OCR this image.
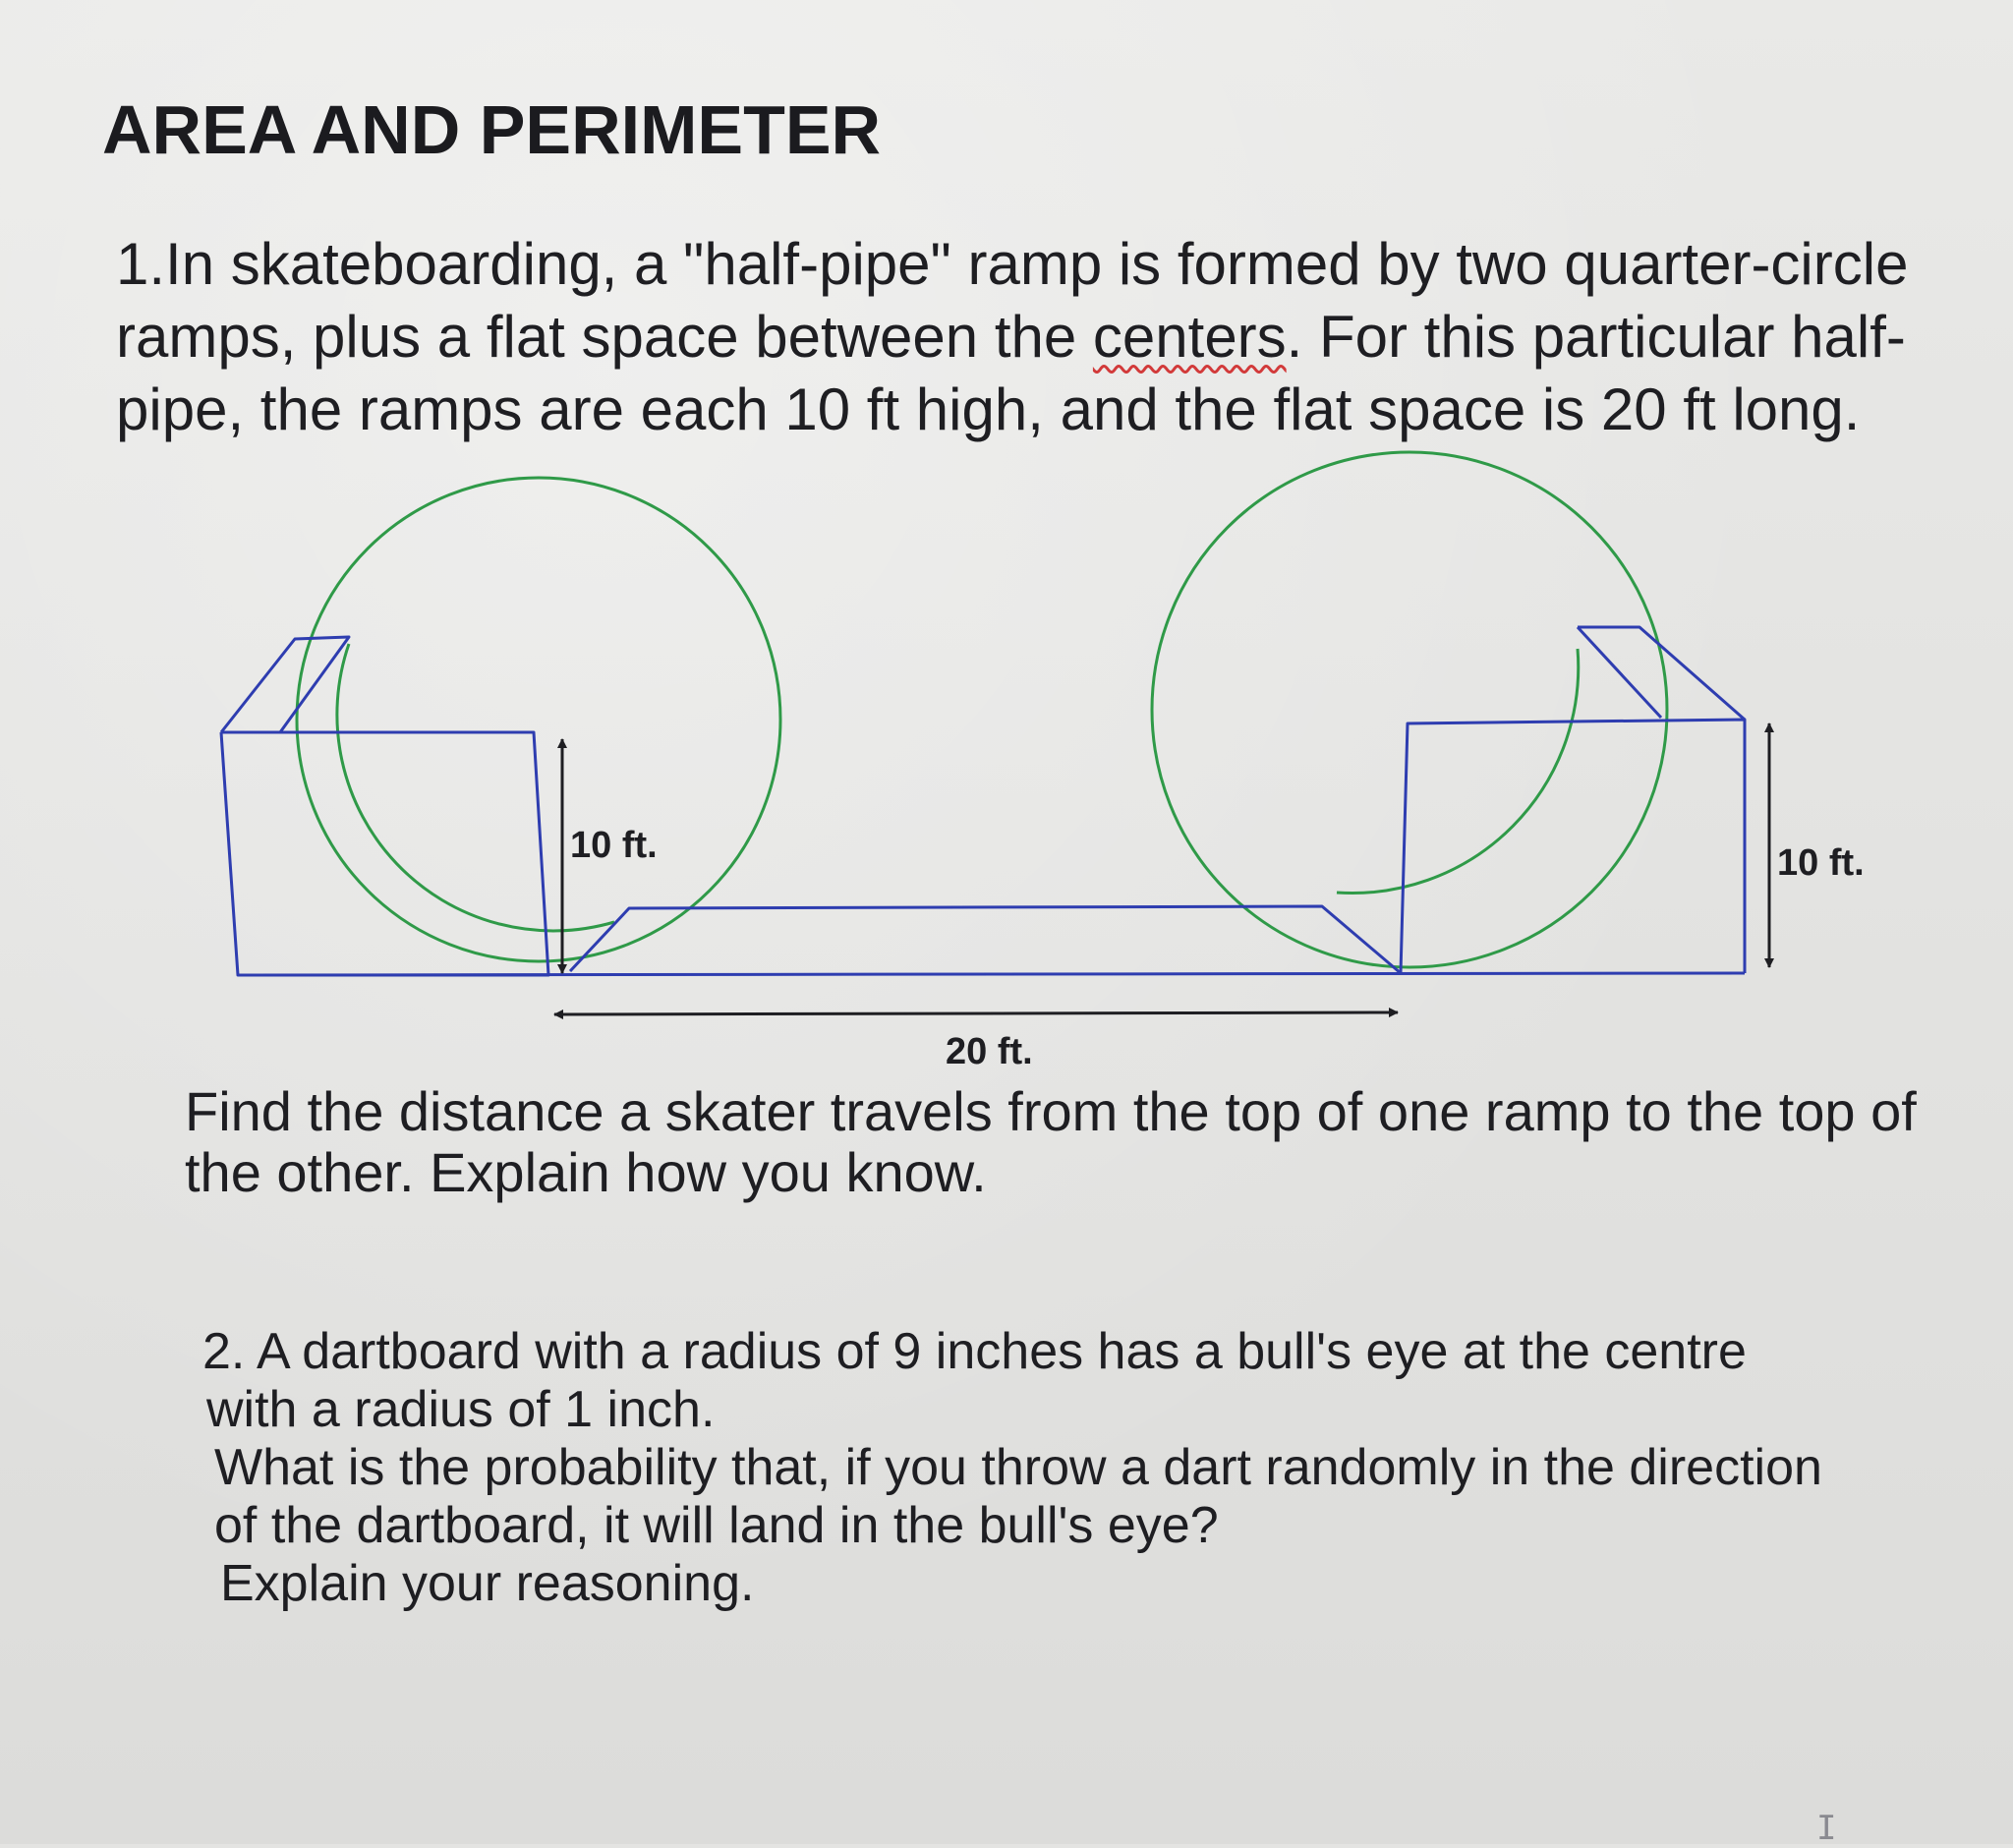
AREA AND PERIMETER

1.In skateboarding, a "half-pipe" ramp is formed by two quarter-circle
ramps, plus a flat space between the centers. For this particular half-
pipe, the ramps are each 10 ft high, and the flat space is 20 ft long.

10 ft.	10 ft.
20 ft.

Find the distance a skater travels from the top of one ramp to the top of
the other. Explain how you know.

2. A dartboard with a radius of 9 inches has a bull's eye at the centre
with a radius of 1 inch.
What is the probability that, if you throw a dart randomly in the direction
of the dartboard, it will land in the bull's eye?
Explain your reasoning.

I
